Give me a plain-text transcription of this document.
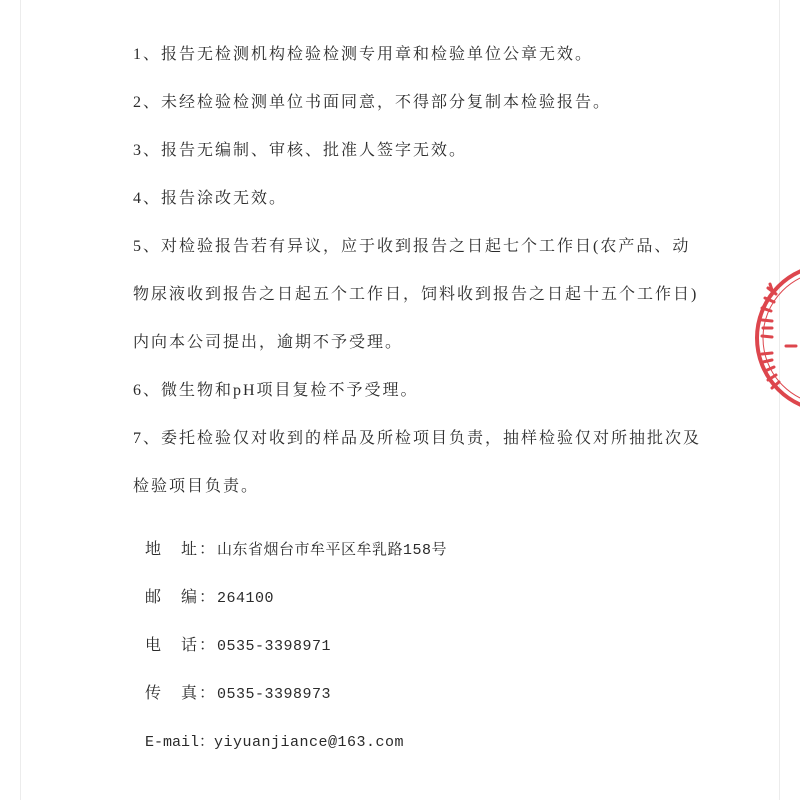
1、报告无检测机构检验检测专用章和检验单位公章无效。
2、未经检验检测单位书面同意，不得部分复制本检验报告。
3、报告无编制、审核、批准人签字无效。
4、报告涂改无效。
5、对检验报告若有异议，应于收到报告之日起七个工作日(农产品、动
物尿液收到报告之日起五个工作日，饲料收到报告之日起十五个工作日)
内向本公司提出，逾期不予受理。
6、微生物和pH项目复检不予受理。
7、委托检验仅对收到的样品及所检项目负责，抽样检验仅对所抽批次及
检验项目负责。
地　址：山东省烟台市牟平区牟乳路158号
邮　编：264100
电　话：0535-3398971
传　真：0535-3398973
E-mail：yiyuanjiance@163.com
